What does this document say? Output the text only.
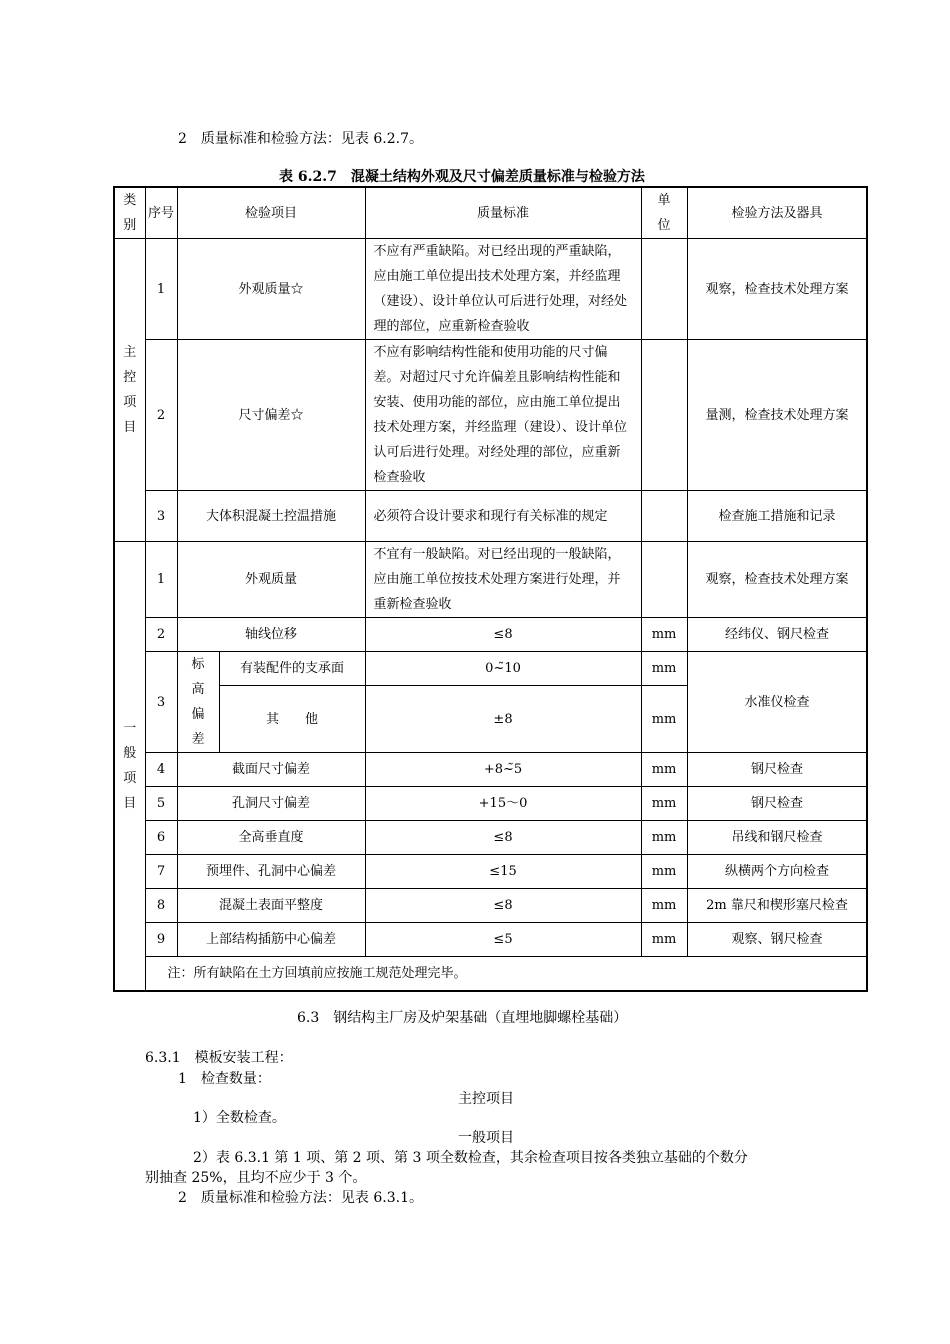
2　质量标准和检验方法：见表 6.2.7。
表 6.2.7　混凝土结构外观及尺寸偏差质量标准与检验方法
类别	序号	检验项目		质量标准	单位	检验方法及器具
主控项目	1	外观质量☆		不应有严重缺陷。对已经出现的严重缺陷，应由施工单位提出技术处理方案，并经监理（建设）、设计单位认可后进行处理，对经处理的部位，应重新检查验收		观察，检查技术处理方案
	2	尺寸偏差☆		不应有影响结构性能和使用功能的尺寸偏差。对超过尺寸允许偏差且影响结构性能和安装、使用功能的部位，应由施工单位提出技术处理方案，并经监理（建设）、设计单位认可后进行处理。对经处理的部位，应重新检查验收		量测，检查技术处理方案
	3	大体积混凝土控温措施		必须符合设计要求和现行有关标准的规定		检查施工措施和记录
一般项目	1	外观质量		不宜有一般缺陷。对已经出现的一般缺陷，应由施工单位按技术处理方案进行处理，并重新检查验收		观察，检查技术处理方案
	2	轴线位移		≤8	mm	经纬仪、钢尺检查
	3	标高偏差	有装配件的支承面	0~̃10	mm	水准仪检查
			其　　他	±8	mm	
	4	截面尺寸偏差		+8~̃5	mm	钢尺检查
	5	孔洞尺寸偏差		+15～0	mm	钢尺检查
	6	全高垂直度		≤8	mm	吊线和钢尺检查
	7	预埋件、孔洞中心偏差		≤15	mm	纵横两个方向检查
	8	混凝土表面平整度		≤8	mm	2m 靠尺和楔形塞尺检查
	9	上部结构插筋中心偏差		≤5	mm	观察、钢尺检查
	注：所有缺陷在土方回填前应按施工规范处理完毕。					
6.3　钢结构主厂房及炉架基础（直埋地脚螺栓基础）
6.3.1　模板安装工程：
1　检查数量：
主控项目
1）全数检查。
一般项目
2）表 6.3.1 第 1 项、第 2 项、第 3 项全数检查，其余检查项目按各类独立基础的个数分
别抽查 25%，且均不应少于 3 个。
2　质量标准和检验方法：见表 6.3.1。
